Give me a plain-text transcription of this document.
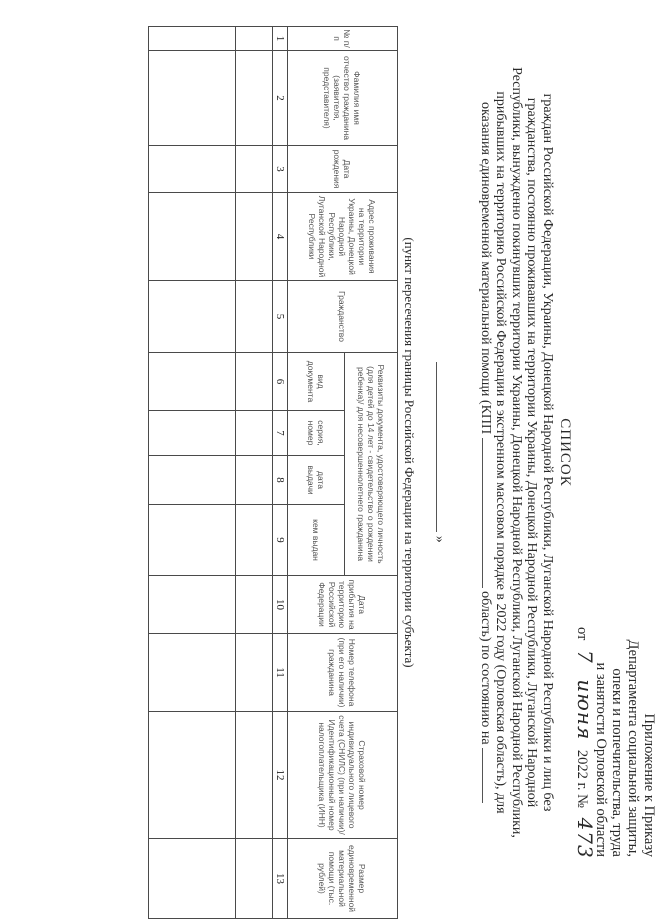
Приложение к Приказу
Департамента социальной защиты,
опеки и попечительства, труда
и занятости Орловской области
от 7 июня 2022 г. № 473
СПИСОК
граждан Российской Федерации, Украины, Донецкой Народной Республики, Луганской Народной Республики и лиц без
гражданства, постоянно проживавших на территории Украины, Донецкой Народной Республики, Луганской Народной
Республики, вынужденно покинувших территории Украины, Донецкой Народной Республики, Луганской Народной Республики,
прибывших на территорию Российской Федерации в экстренном массовом порядке в 2022 году (Орловская область), для
оказания единовременной материальной помощи (КПП  область) по состоянию на
»
(пункт пересечения границы Российской Федерации на территории субъекта)
№ п/п	Фамилия имя отчество гражданина (заявителя, представителя)	Дата рождения	Адрес проживания на территории Украины, Донецкой Народной Республики, Луганской Народной Республики	Гражданство	Реквизиты документа, удостоверяющего личность (для детей до 14 лет - свидетельство о рождении ребенка)/ для несовершеннолетнего гражданина				Дата прибытия на территорию Российской Федерации	Номер телефона (при его наличии) гражданина	Страховой номер индивидуального лицевого счета (СНИЛС) (при наличии)/ Идентификационный номер налогоплательщика (ИНН)	Размер единовременной материальной помощи (тыс. рублей)
					вид документа	серия, номер	дата выдачи	кем выдан				
1	2	3	4	5	6	7	8	9	10	11	12	13
